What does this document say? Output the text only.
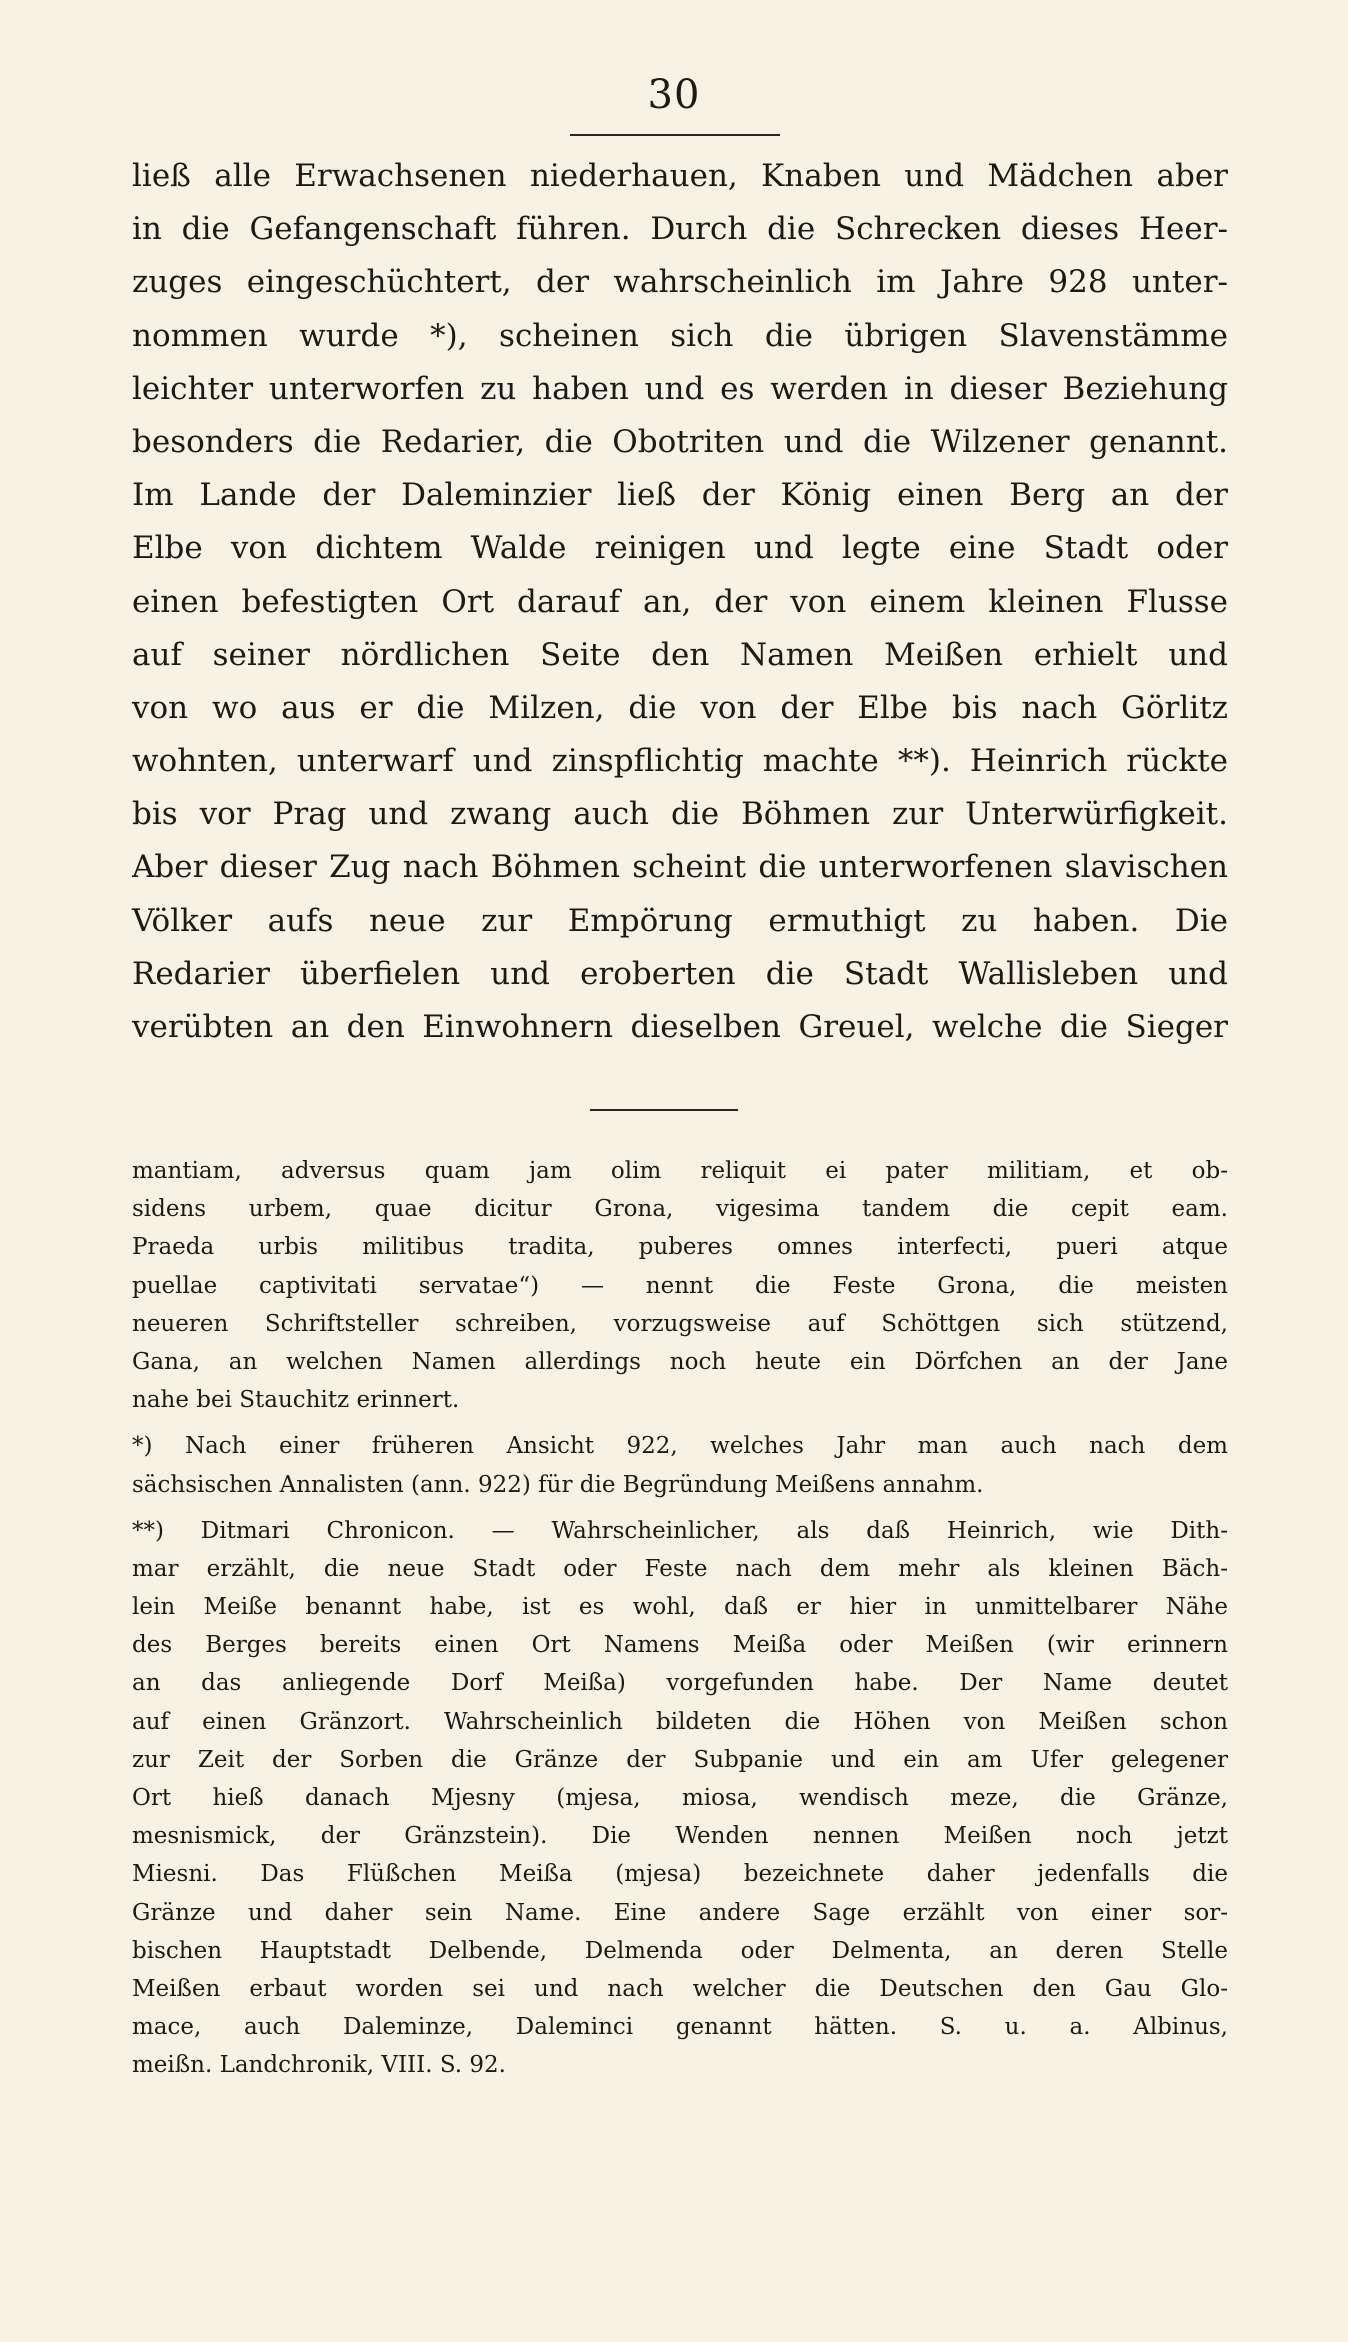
30
ließ alle Erwachsenen niederhauen, Knaben und Mädchen aber
in die Gefangenschaft führen. Durch die Schrecken dieses Heer-
zuges eingeschüchtert, der wahrscheinlich im Jahre 928 unter-
nommen wurde *), scheinen sich die übrigen Slavenstämme
leichter unterworfen zu haben und es werden in dieser Beziehung
besonders die Redarier, die Obotriten und die Wilzener genannt.
Im Lande der Daleminzier ließ der König einen Berg an der
Elbe von dichtem Walde reinigen und legte eine Stadt oder
einen befestigten Ort darauf an, der von einem kleinen Flusse
auf seiner nördlichen Seite den Namen Meißen erhielt und
von wo aus er die Milzen, die von der Elbe bis nach Görlitz
wohnten, unterwarf und zinspflichtig machte **). Heinrich rückte
bis vor Prag und zwang auch die Böhmen zur Unterwürfigkeit.
Aber dieser Zug nach Böhmen scheint die unterworfenen slavischen
Völker aufs neue zur Empörung ermuthigt zu haben. Die
Redarier überfielen und eroberten die Stadt Wallisleben und
verübten an den Einwohnern dieselben Greuel, welche die Sieger
mantiam, adversus quam jam olim reliquit ei pater militiam, et ob-
sidens urbem, quae dicitur Grona, vigesima tandem die cepit eam.
Praeda urbis militibus tradita, puberes omnes interfecti, pueri atque
puellae captivitati servatae“) — nennt die Feste Grona, die meisten
neueren Schriftsteller schreiben, vorzugsweise auf Schöttgen sich stützend,
Gana, an welchen Namen allerdings noch heute ein Dörfchen an der Jane
nahe bei Stauchitz erinnert.
*) Nach einer früheren Ansicht 922, welches Jahr man auch nach dem
sächsischen Annalisten (ann. 922) für die Begründung Meißens annahm.
**) Ditmari Chronicon. — Wahrscheinlicher, als daß Heinrich, wie Dith-
mar erzählt, die neue Stadt oder Feste nach dem mehr als kleinen Bäch-
lein Meiße benannt habe, ist es wohl, daß er hier in unmittelbarer Nähe
des Berges bereits einen Ort Namens Meißa oder Meißen (wir erinnern
an das anliegende Dorf Meißa) vorgefunden habe. Der Name deutet
auf einen Gränzort. Wahrscheinlich bildeten die Höhen von Meißen schon
zur Zeit der Sorben die Gränze der Subpanie und ein am Ufer gelegener
Ort hieß danach Mjesny (mjesa, miosa, wendisch meze, die Gränze,
mesnismick, der Gränzstein). Die Wenden nennen Meißen noch jetzt
Miesni. Das Flüßchen Meißa (mjesa) bezeichnete daher jedenfalls die
Gränze und daher sein Name. Eine andere Sage erzählt von einer sor-
bischen Hauptstadt Delbende, Delmenda oder Delmenta, an deren Stelle
Meißen erbaut worden sei und nach welcher die Deutschen den Gau Glo-
mace, auch Daleminze, Dalemincі genannt hätten. S. u. a. Albinus,
meißn. Landchronik, VIII. S. 92.
